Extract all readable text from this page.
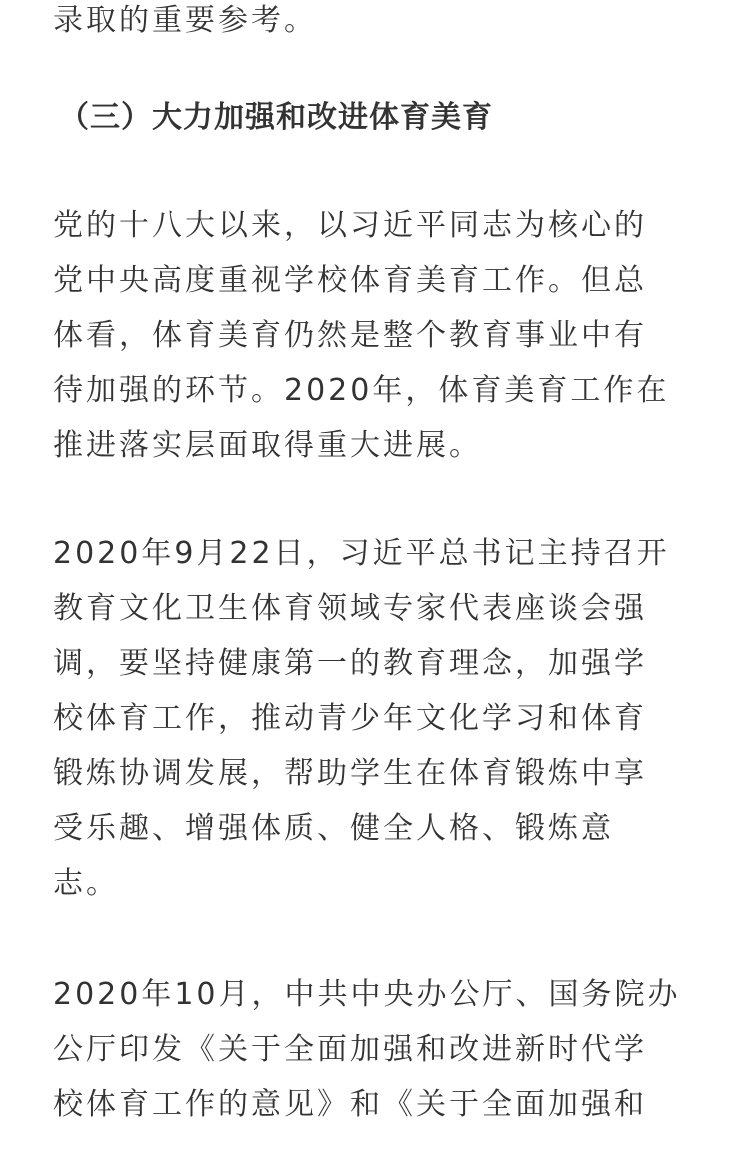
录取的重要参考。
（三）大力加强和改进体育美育
党的十八大以来，以习近平同志为核心的
党中央高度重视学校体育美育工作。但总
体看，体育美育仍然是整个教育事业中有
待加强的环节。2020年，体育美育工作在
推进落实层面取得重大进展。
2020年9月22日，习近平总书记主持召开
教育文化卫生体育领域专家代表座谈会强
调，要坚持健康第一的教育理念，加强学
校体育工作，推动青少年文化学习和体育
锻炼协调发展，帮助学生在体育锻炼中享
受乐趣、增强体质、健全人格、锻炼意
志。
2020年10月，中共中央办公厅、国务院办
公厅印发《关于全面加强和改进新时代学
校体育工作的意见》和《关于全面加强和
